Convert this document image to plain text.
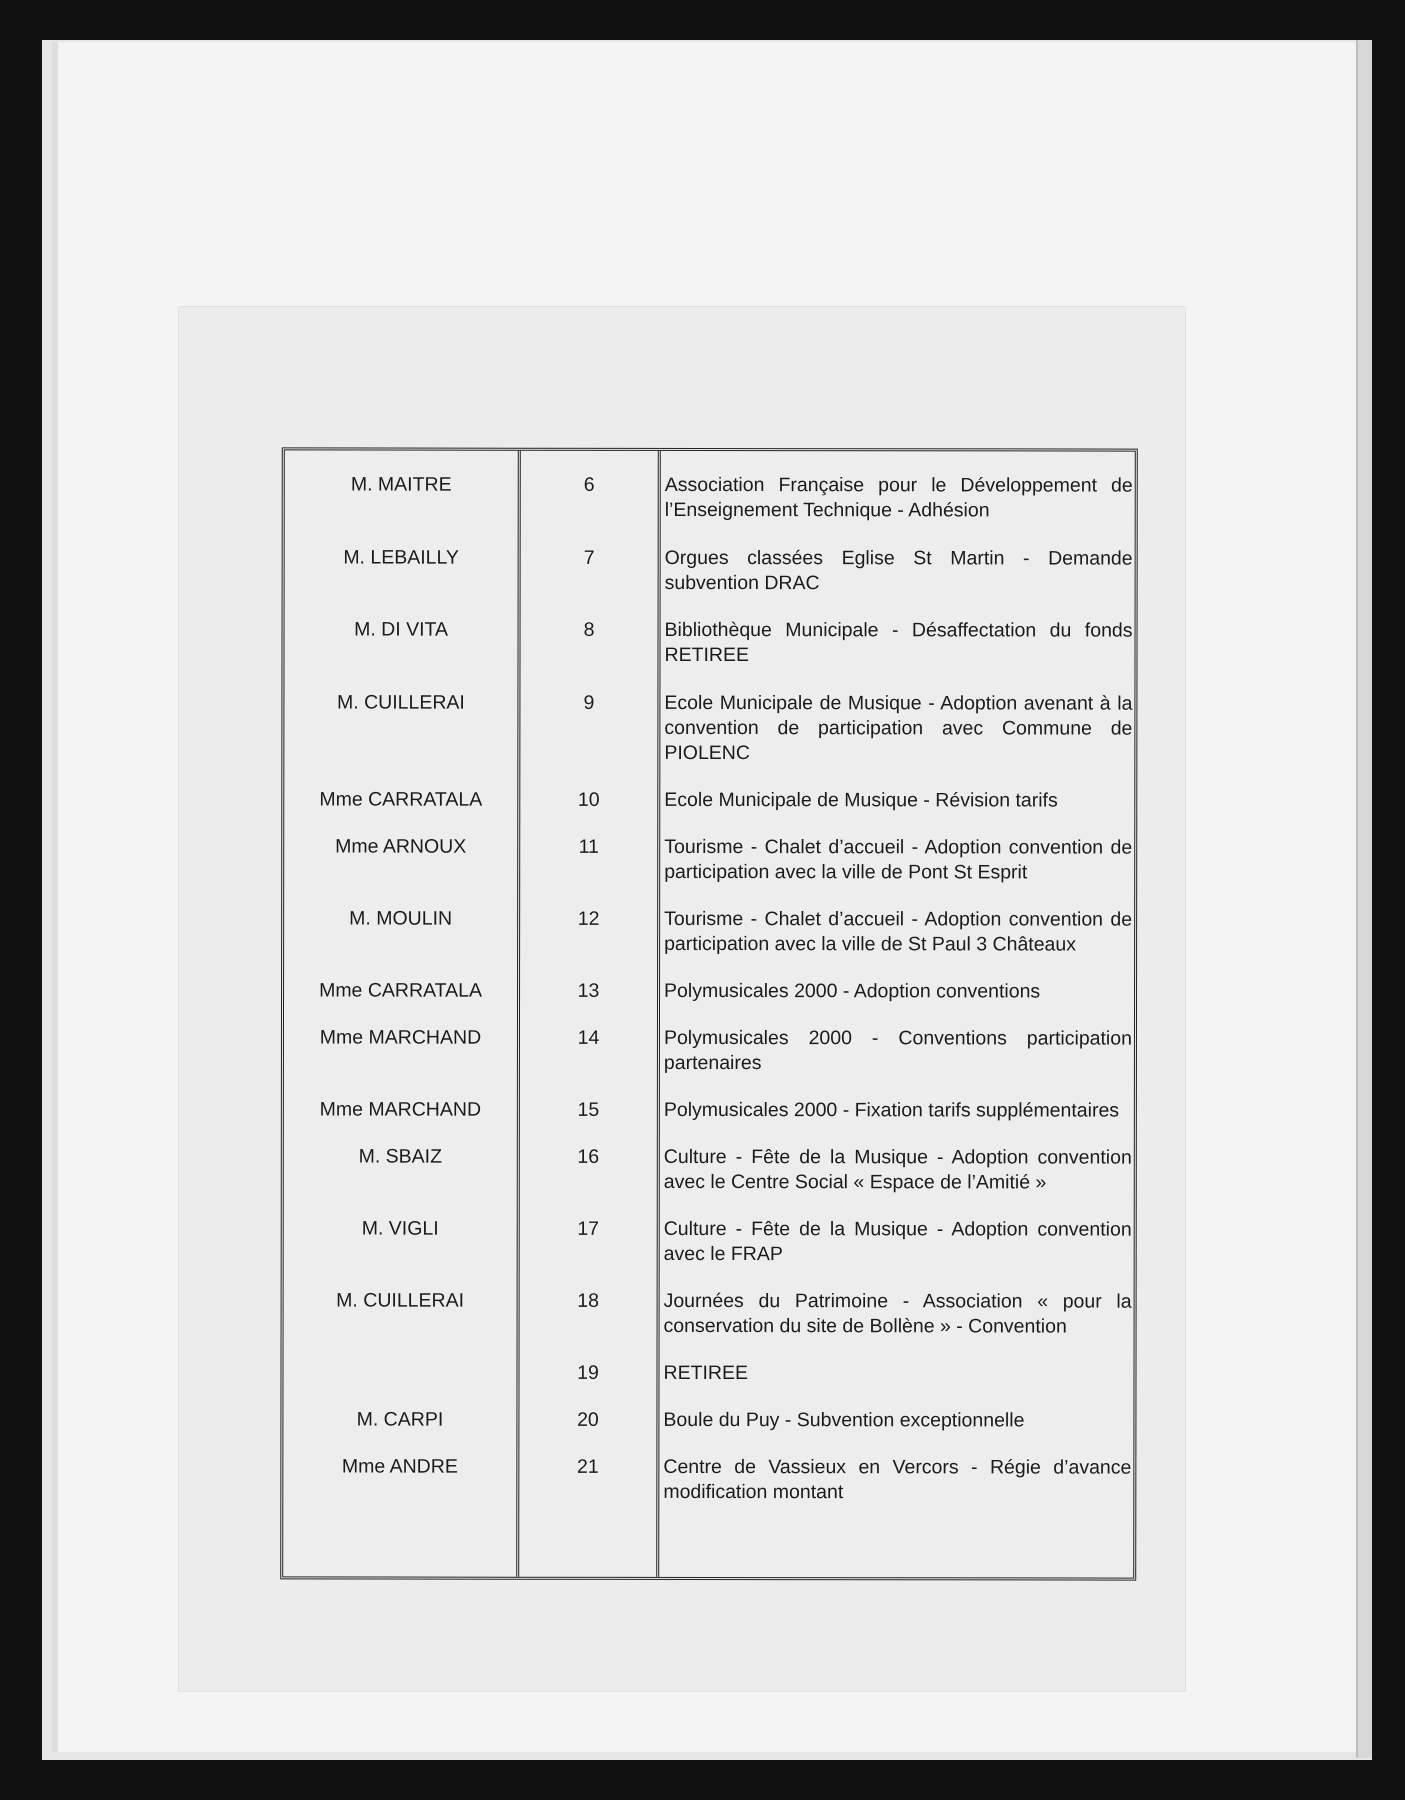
M. MAITRE	6	Association Française pour le Développement de l’Enseignement Technique - Adhésion

M. LEBAILLY	7	Orgues classées Eglise St Martin - Demande subvention DRAC

M. DI VITA	8	Bibliothèque Municipale - Désaffectation du fonds RETIREE

M. CUILLERAI	9	Ecole Municipale de Musique - Adoption avenant à la convention de participation avec Commune de PIOLENC

Mme CARRATALA	10	Ecole Municipale de Musique - Révision tarifs

Mme ARNOUX	11	Tourisme - Chalet d’accueil - Adoption convention de participation avec la ville de Pont St Esprit

M. MOULIN	12	Tourisme - Chalet d’accueil - Adoption convention de participation avec la ville de St Paul 3 Châteaux

Mme CARRATALA	13	Polymusicales 2000 - Adoption conventions

Mme MARCHAND	14	Polymusicales 2000 - Conventions participation partenaires

Mme MARCHAND	15	Polymusicales 2000 - Fixation tarifs supplémentaires

M. SBAIZ	16	Culture - Fête de la Musique - Adoption convention avec le Centre Social « Espace de l’Amitié »

M. VIGLI	17	Culture - Fête de la Musique - Adoption convention avec le FRAP

M. CUILLERAI	18	Journées du Patrimoine - Association « pour la conservation du site de Bollène » - Convention

	19	RETIREE

M. CARPI	20	Boule du Puy - Subvention exceptionnelle

Mme ANDRE	21	Centre de Vassieux en Vercors - Régie d’avance modification montant
